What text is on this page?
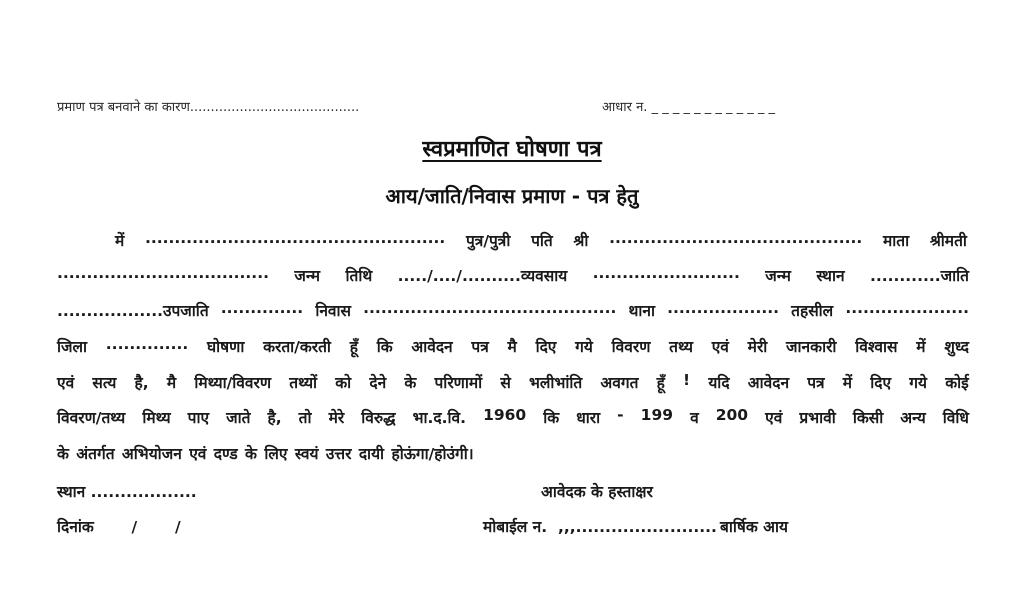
प्रमाण पत्र बनवाने का कारण.........................................	आधार न. _ _ _ _ _ _ _ _ _ _ _ _
स्वप्रमाणित घोषणा पत्र
आय/जाति/निवास प्रमाण - पत्र हेतु
में ................................................... पुत्र/पुत्री पति श्री ........................................... माता श्रीमती
.................................... जन्म तिथि ...../..../..........व्यवसाय ......................... जन्म स्थान ............जाति
..................उपजाति .............. निवास ........................................... थाना ................... तहसील .....................
जिला .............. घोषणा करता/करती हूँ कि आवेदन पत्र मै दिए गये विवरण तथ्य एवं मेरी जानकारी विश्वास में शुध्द
एवं सत्य है, मै मिथ्या/विवरण तथ्यों को देने के परिणामों से भलीभांति अवगत हूँ ! यदि आवेदन पत्र में दिए गये कोई
विवरण/तथ्य मिथ्य पाए जाते है, तो मेरे विरुद्ध भा.द.वि. 1960 कि धारा - 199 व 200 एवं प्रभावी किसी अन्य विधि
के अंतर्गत अभियोजन एवं दण्ड के लिए स्वयं उत्तर दायी होऊंगा/होउंगी।
स्थान ..................	आवेदक के हस्ताक्षर
दिनांक       /       /	मोबाईल न.  ,,,........................ बार्षिक आय
